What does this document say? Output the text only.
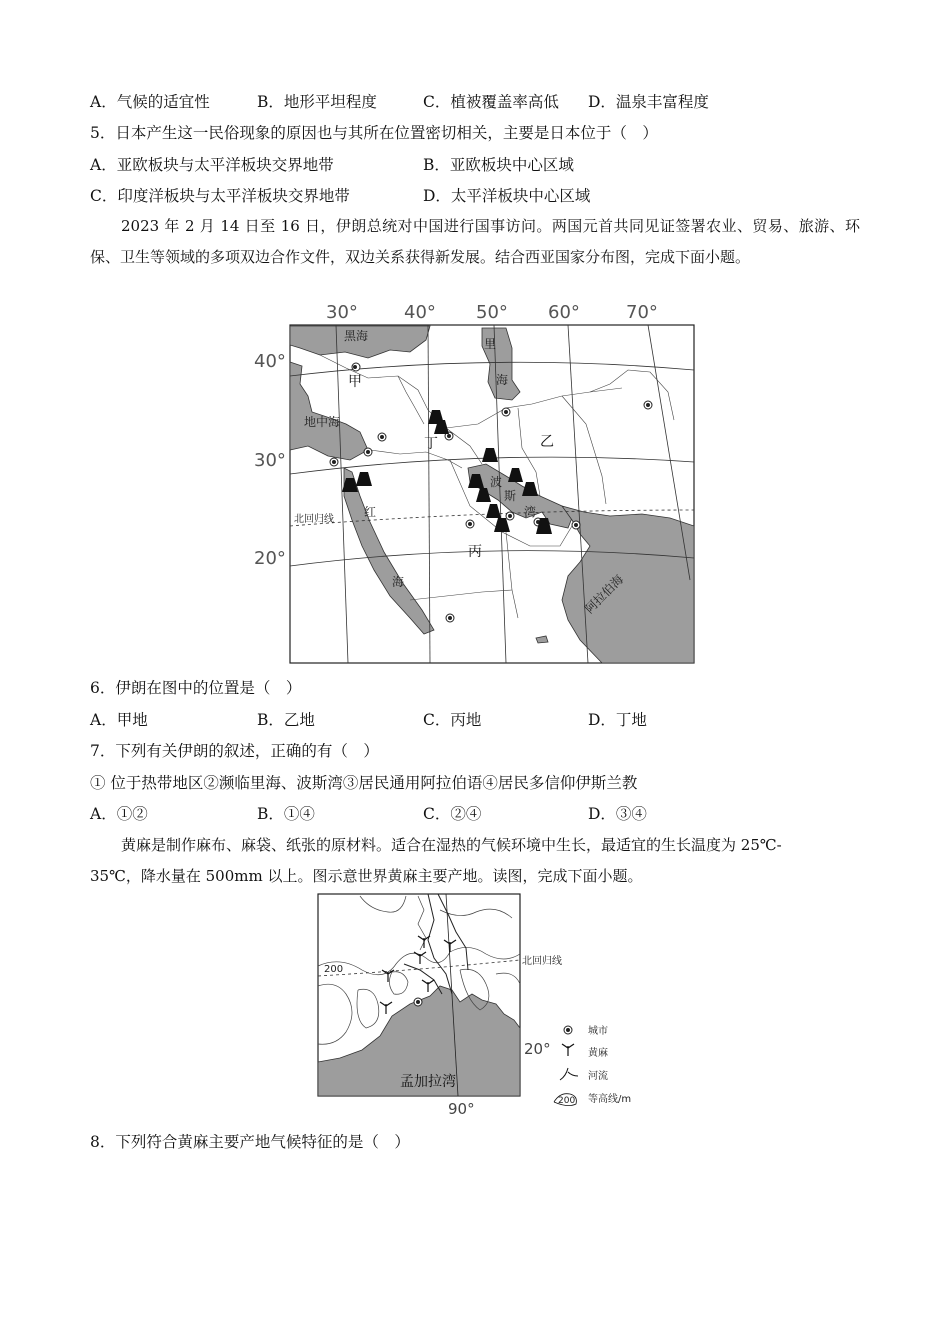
A．气候的适宜性	B．地形平坦程度	C．植被覆盖率高低 D．温泉丰富程度
5．日本产生这一民俗现象的原因也与其所在位置密切相关，主要是日本位于（　）
A．亚欧板块与太平洋板块交界地带	B．亚欧板块中心区域
C．印度洋板块与太平洋板块交界地带	D．太平洋板块中心区域
2023 年 2 月 14 日至 16 日，伊朗总统对中国进行国事访问。两国元首共同见证签署农业、贸易、旅游、环保、卫生等领域的多项双边合作文件，双边关系获得新发展。结合西亚国家分布图，完成下面小题。
30°	40° 50° 60°	70°
40°
30°
20°
黑海
里
海
地中海
红
海
波
斯
湾
阿拉伯海
北回归线
甲
乙
丙
丁
6．伊朗在图中的位置是（　）
A．甲地	B．乙地	C．丙地	D．丁地
7．下列有关伊朗的叙述，正确的有（　）
① 位于热带地区②濒临里海、波斯湾③居民通用阿拉伯语④居民多信仰伊斯兰教
A．①②	B．①④	C．②④	D．③④
黄麻是制作麻布、麻袋、纸张的原材料。适合在湿热的气候环境中生长，最适宜的生长温度为 25℃-
35℃，降水量在 500mm 以上。图示意世界黄麻主要产地。读图，完成下面小题。
孟加拉湾
北回归线
200
20°
90°
城市
黄麻
河流
200 等高线/m
8．下列符合黄麻主要产地气候特征的是（　）
